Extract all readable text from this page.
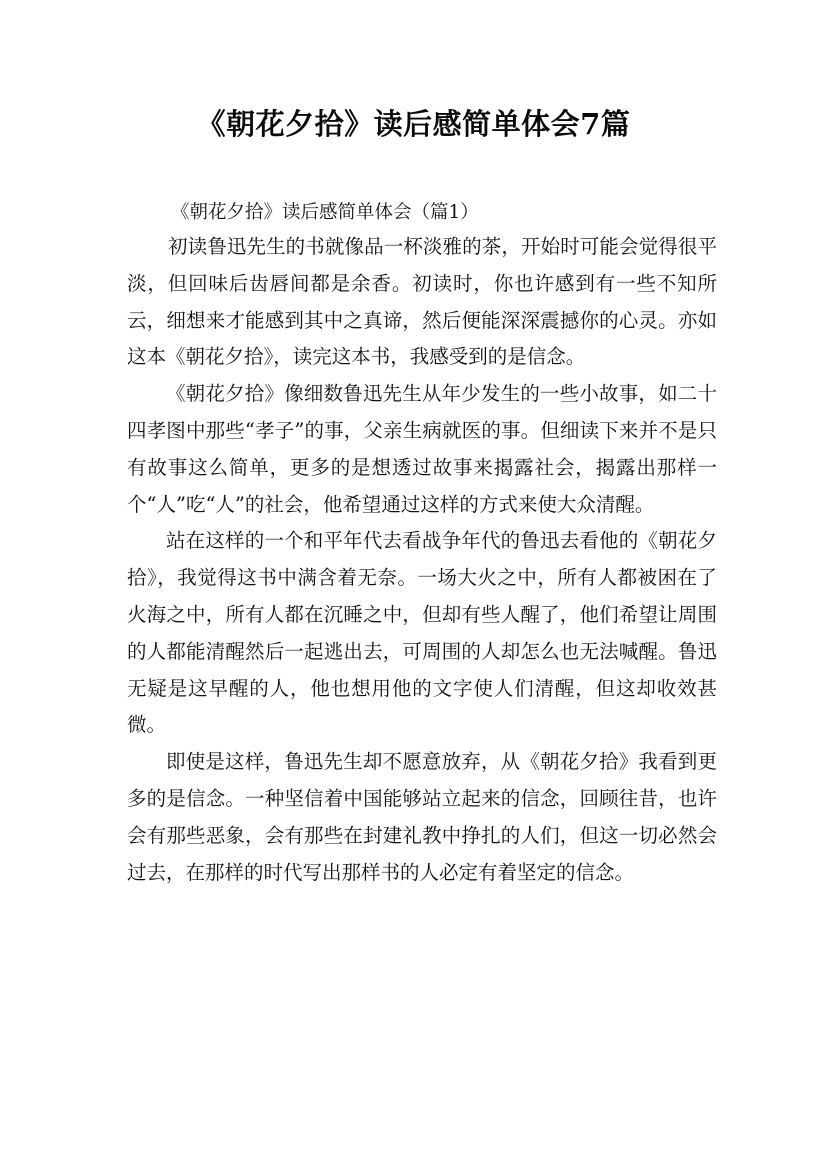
《朝花夕拾》读后感简单体会7篇
《朝花夕拾》读后感简单体会（篇1）

初读鲁迅先生的书就像品一杯淡雅的茶，开始时可能会觉得很平淡，但回味后齿唇间都是余香。初读时，你也许感到有一些不知所云，细想来才能感到其中之真谛，然后便能深深震撼你的心灵。亦如这本《朝花夕拾》，读完这本书，我感受到的是信念。

《朝花夕拾》像细数鲁迅先生从年少发生的一些小故事，如二十四孝图中那些“孝子”的事，父亲生病就医的事。但细读下来并不是只有故事这么简单，更多的是想透过故事来揭露社会，揭露出那样一个“人”吃“人”的社会，他希望通过这样的方式来使大众清醒。

站在这样的一个和平年代去看战争年代的鲁迅去看他的《朝花夕拾》，我觉得这书中满含着无奈。一场大火之中，所有人都被困在了火海之中，所有人都在沉睡之中，但却有些人醒了，他们希望让周围的人都能清醒然后一起逃出去，可周围的人却怎么也无法喊醒。鲁迅无疑是这早醒的人，他也想用他的文字使人们清醒，但这却收效甚微。

即使是这样，鲁迅先生却不愿意放弃，从《朝花夕拾》我看到更多的是信念。一种坚信着中国能够站立起来的信念，回顾往昔，也许会有那些恶象，会有那些在封建礼教中挣扎的人们，但这一切必然会过去，在那样的时代写出那样书的人必定有着坚定的信念。
